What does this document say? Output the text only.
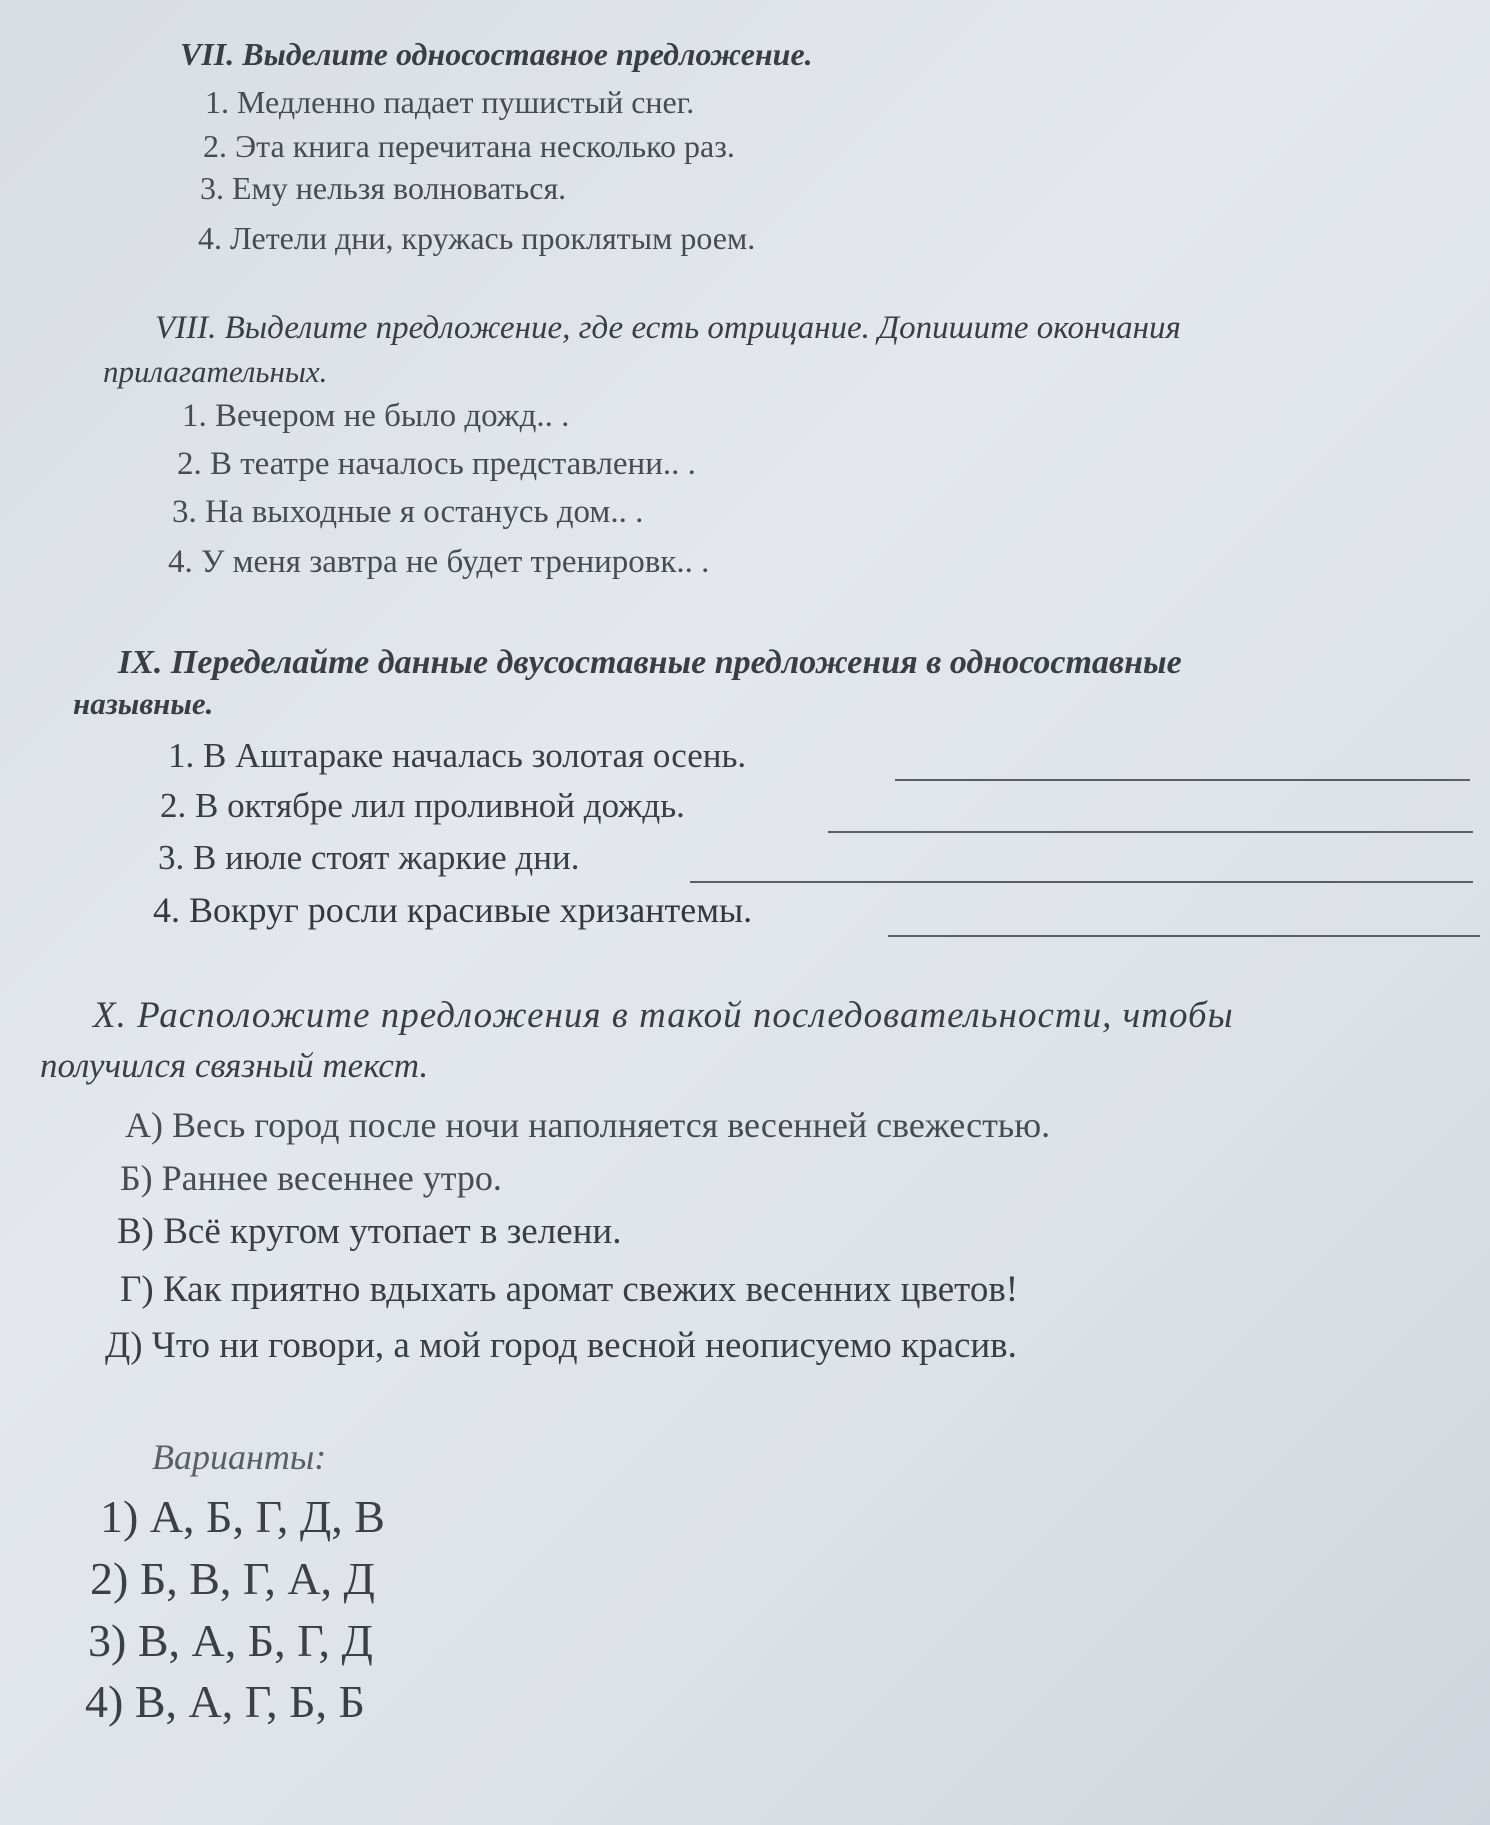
VII. Выделите односоставное предложение.
1. Медленно падает пушистый снег.
2. Эта книга перечитана несколько раз.
3. Ему нельзя волноваться.
4. Летели дни, кружась проклятым роем.
VIII. Выделите предложение, где есть отрицание. Допишите окончания
прилагательных.
1. Вечером не было дожд.. .
2. В театре началось представлени.. .
3. На выходные я останусь дом.. .
4. У меня завтра не будет тренировк.. .
IX. Переделайте данные двусоставные предложения в односоставные
назывные.
1. В Аштараке началась золотая осень.
2. В октябре лил проливной дождь.
3. В июле стоят жаркие дни.
4. Вокруг росли красивые хризантемы.
X. Расположите предложения в такой последовательности, чтобы
получился связный текст.
А) Весь город после ночи наполняется весенней свежестью.
Б) Раннее весеннее утро.
В) Всё кругом утопает в зелени.
Г) Как приятно вдыхать аромат свежих весенних цветов!
Д) Что ни говори, а мой город весной неописуемо красив.
Варианты:
1) А, Б, Г, Д, В
2) Б, В, Г, А, Д
3) В, А, Б, Г, Д
4) В, А, Г, Б, Б
